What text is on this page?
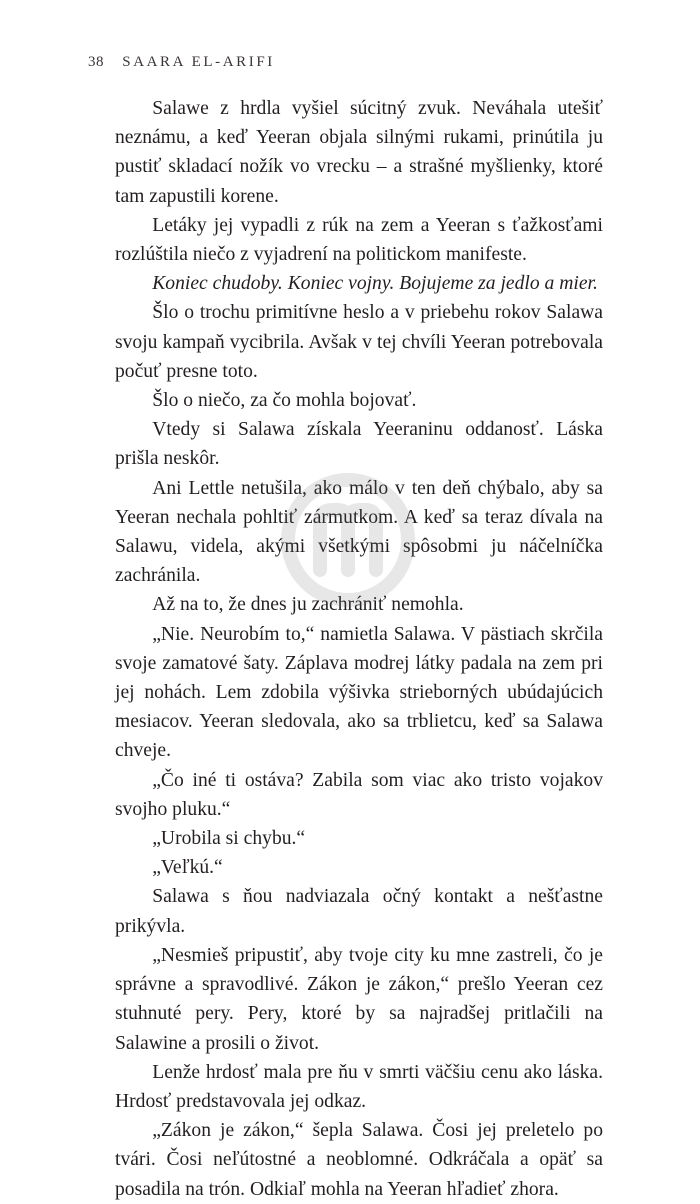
38 SAARA EL-ARIFI

Salawe z hrdla vyšiel súcitný zvuk. Neváhala utešiť neznámu, a keď Yeeran objala silnými rukami, prinútila ju pustiť skladací nožík vo vrecku – a strašné myšlienky, ktoré tam zapustili korene.

Letáky jej vypadli z rúk na zem a Yeeran s ťažkosťami rozlúštila niečo z vyjadrení na politickom manifeste.

Koniec chudoby. Koniec vojny. Bojujeme za jedlo a mier.

Šlo o trochu primitívne heslo a v priebehu rokov Salawa svoju kampaň vycibrila. Avšak v tej chvíli Yeeran potrebovala počuť presne toto.

Šlo o niečo, za čo mohla bojovať.

Vtedy si Salawa získala Yeeraninu oddanosť. Láska prišla neskôr.

Ani Lettle netušila, ako málo v ten deň chýbalo, aby sa Yeeran nechala pohltiť zármutkom. A keď sa teraz dívala na Salawu, videla, akými všetkými spôsobmi ju náčelníčka zachránila.

Až na to, že dnes ju zachrániť nemohla.

„Nie. Neurobím to,“ namietla Salawa. V pästiach skrčila svoje zamatové šaty. Záplava modrej látky padala na zem pri jej nohách. Lem zdobila výšivka strieborných ubúdajúcich mesiacov. Yeeran sledovala, ako sa trblietcu, keď sa Salawa chveje.

„Čo iné ti ostáva? Zabila som viac ako tristo vojakov svojho pluku.“

„Urobila si chybu.“

„Veľkú.“

Salawa s ňou nadviazala očný kontakt a nešťastne prikývla.

„Nesmieš pripustiť, aby tvoje city ku mne zastreli, čo je správne a spravodlivé. Zákon je zákon,“ prešlo Yeeran cez stuhnuté pery. Pery, ktoré by sa najradšej pritlačili na Salawine a prosili o život.

Lenže hrdosť mala pre ňu v smrti väčšiu cenu ako láska. Hrdosť predstavovala jej odkaz.

„Zákon je zákon,“ šepla Salawa. Čosi jej preletelo po tvári. Čosi neľútostné a neoblomné. Odkráčala a opäť sa posadila na trón. Odkiaľ mohla na Yeeran hľadieť zhora.
